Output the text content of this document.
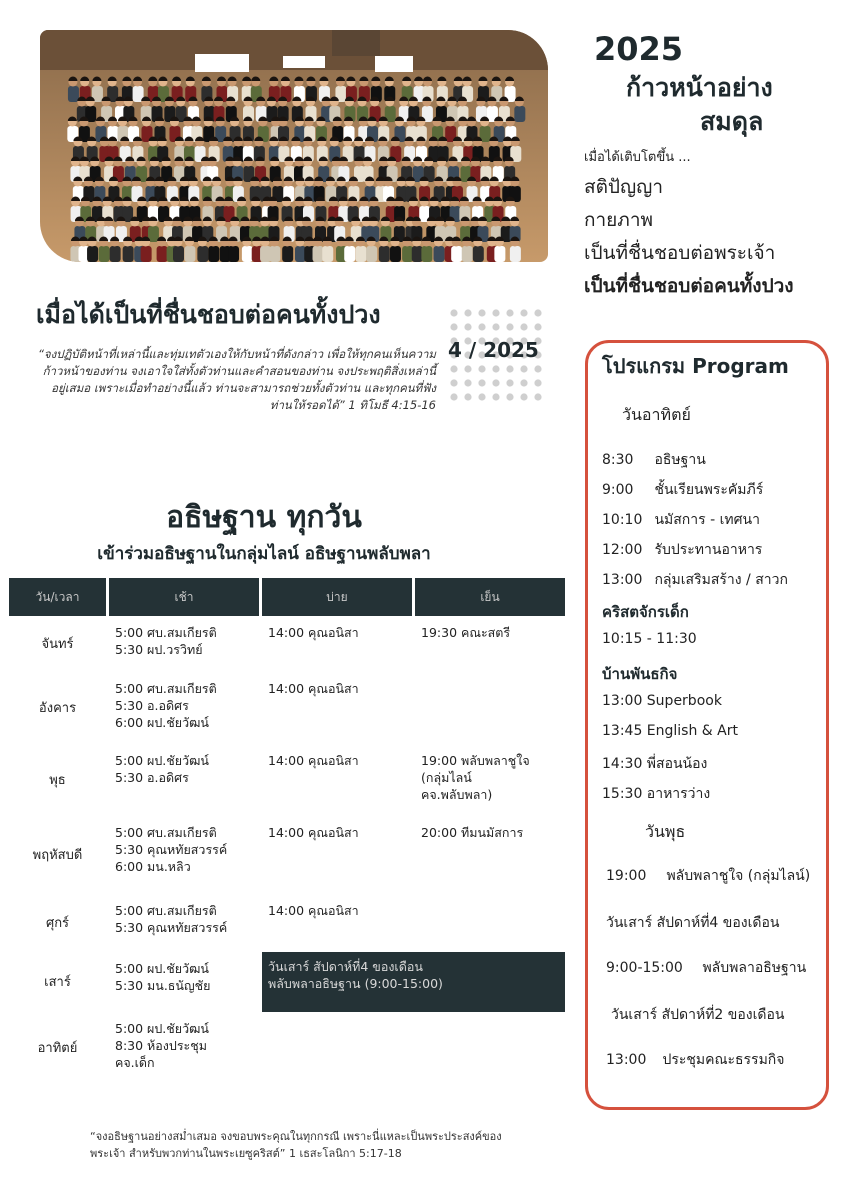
2025
ก้าวหน้าอย่าง
สมดุล
เมื่อได้เติบโตขึ้น ...
สติปัญญา
กายภาพ
เป็นที่ชื่นชอบต่อพระเจ้า
เป็นที่ชื่นชอบต่อคนทั้งปวง
เมื่อได้เป็นที่ชื่นชอบต่อคนทั้งปวง
4 / 2025
“จงปฏิบัติหน้าที่เหล่านี้และทุ่มเทตัวเองให้กับหน้าที่ดังกล่าว เพื่อให้ทุกคนเห็นความก้าวหน้าของท่าน จงเอาใจใส่ทั้งตัวท่านและคำสอนของท่าน จงประพฤติสิ่งเหล่านี้อยู่เสมอ เพราะเมื่อทำอย่างนี้แล้ว ท่านจะสามารถช่วยทั้งตัวท่าน และทุกคนที่ฟังท่านให้รอดได้” 1 ทิโมธี 4:15-16
อธิษฐาน ทุกวัน
เข้าร่วมอธิษฐานในกลุ่มไลน์ อธิษฐานพลับพลา
วัน/เวลา	เช้า	บ่าย	เย็น
จันทร์	5:00 ศบ.สมเกียรติ
5:30 ผป.วรวิทย์	14:00 คุณอนิสา	19:30 คณะสตรี
อังคาร	5:00 ศบ.สมเกียรติ
5:30 อ.อดิศร
6:00 ผป.ชัยวัฒน์	14:00 คุณอนิสา	
พุธ	5:00 ผป.ชัยวัฒน์
5:30 อ.อดิศร	14:00 คุณอนิสา	19:00 พลับพลาชูใจ
(กลุ่มไลน์
คจ.พลับพลา)
พฤหัสบดี	5:00 ศบ.สมเกียรติ
5:30 คุณหทัยสวรรค์
6:00 มน.หลิว	14:00 คุณอนิสา	20:00 ทีมนมัสการ
ศุกร์	5:00 ศบ.สมเกียรติ
5:30 คุณหทัยสวรรค์	14:00 คุณอนิสา	
เสาร์	5:00 ผป.ชัยวัฒน์
5:30 มน.ธนัญชัย	วันเสาร์ สัปดาห์ที่4 ของเดือน
พลับพลาอธิษฐาน (9:00-15:00)	
อาทิตย์	5:00 ผป.ชัยวัฒน์
8:30 ห้องประชุม
คจ.เด็ก		
“จงอธิษฐานอย่างสม่ำเสมอ จงขอบพระคุณในทุกกรณี เพราะนี่แหละเป็นพระประสงค์ของพระเจ้า สำหรับพวกท่านในพระเยซูคริสต์” 1 เธสะโลนิกา 5:17-18
โปรแกรม Program
วันอาทิตย์
8:30 อธิษฐาน
9:00 ชั้นเรียนพระคัมภีร์
10:10 นมัสการ - เทศนา
12:00 รับประทานอาหาร
13:00 กลุ่มเสริมสร้าง / สาวก
คริสตจักรเด็ก
10:15 - 11:30
บ้านพันธกิจ
13:00 Superbook
13:45 English & Art
14:30 พี่สอนน้อง
15:30 อาหารว่าง
วันพุธ
19:00 พลับพลาชูใจ (กลุ่มไลน์)
วันเสาร์ สัปดาห์ที่4 ของเดือน
9:00-15:00 พลับพลาอธิษฐาน
วันเสาร์ สัปดาห์ที่2 ของเดือน
13:00 ประชุมคณะธรรมกิจ
